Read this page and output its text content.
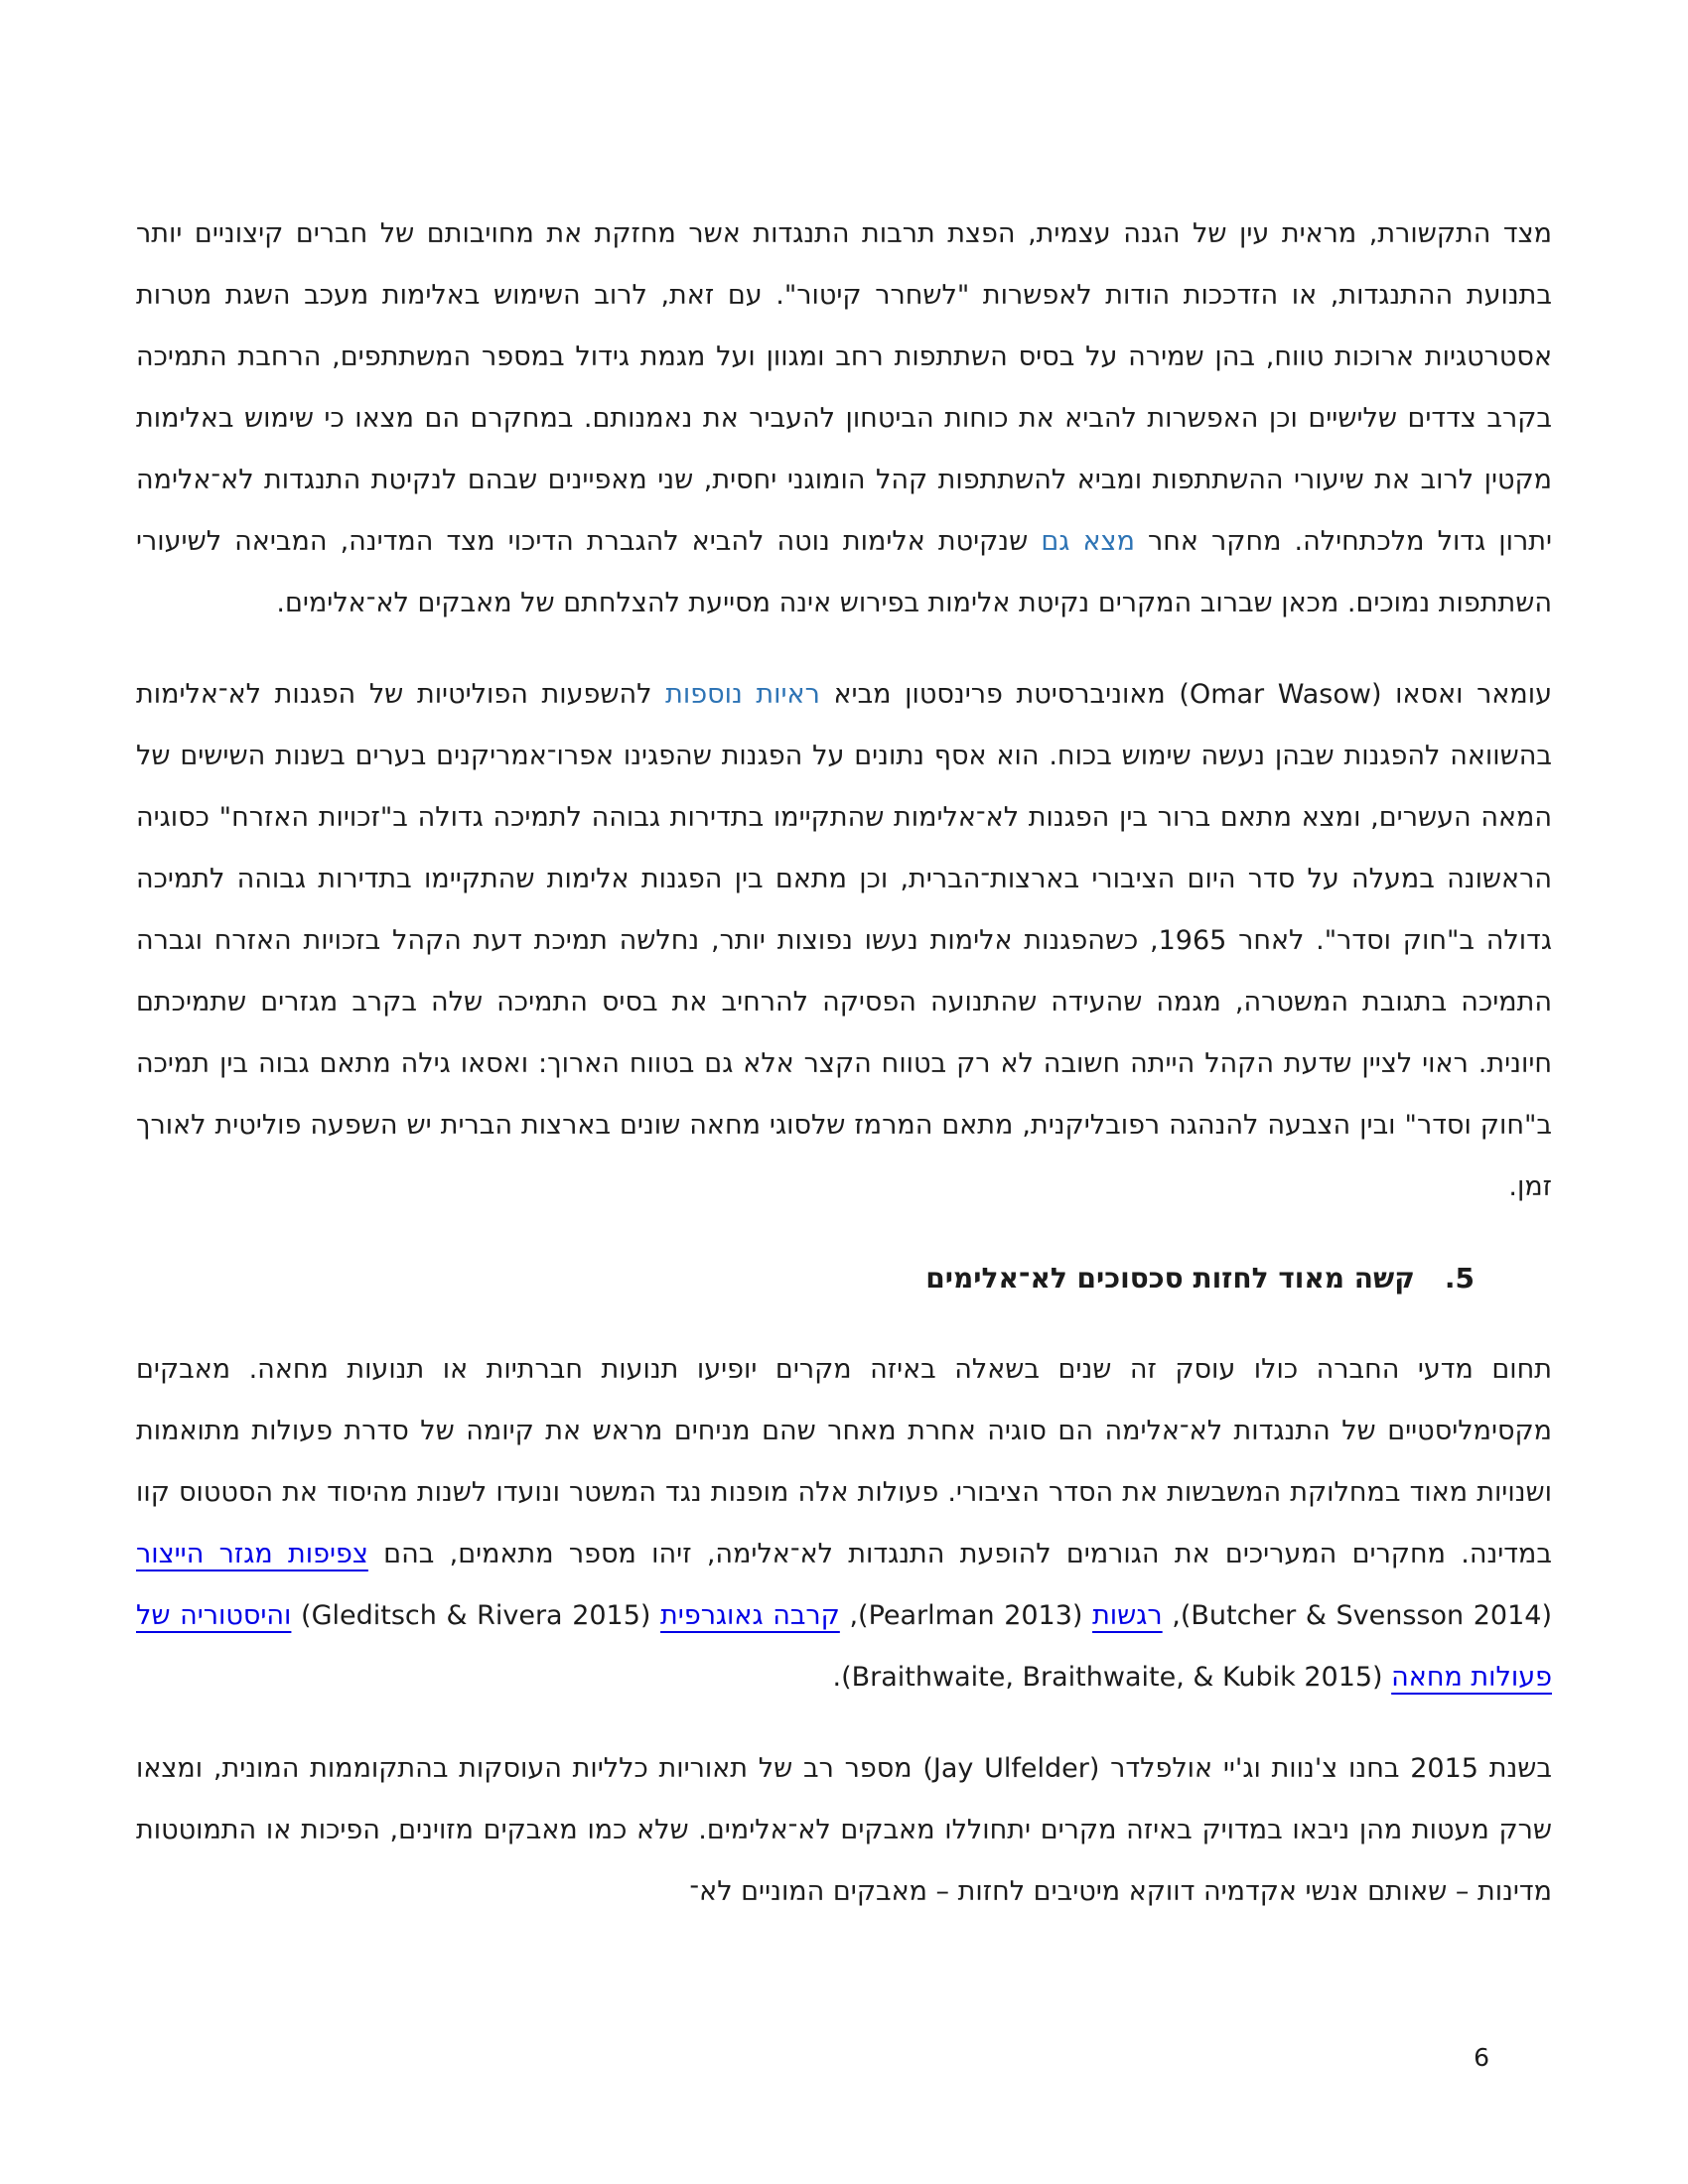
מצד התקשורת, מראית עין של הגנה עצמית, הפצת תרבות התנגדות אשר מחזקת את מחויבותם של חברים קיצוניים יותר בתנועת ההתנגדות, או הזדככות הודות לאפשרות "לשחרר קיטור". עם זאת, לרוב השימוש באלימות מעכב השגת מטרות אסטרטגיות ארוכות טווח, בהן שמירה על בסיס השתתפות רחב ומגוון ועל מגמת גידול במספר המשתתפים, הרחבת התמיכה בקרב צדדים שלישיים וכן האפשרות להביא את כוחות הביטחון להעביר את נאמנותם. במחקרם הם מצאו כי שימוש באלימות מקטין לרוב את שיעורי ההשתתפות ומביא להשתתפות קהל הומוגני יחסית, שני מאפיינים שבהם לנקיטת התנגדות לא־אלימה יתרון גדול מלכתחילה. מחקר אחר מצא גם שנקיטת אלימות נוטה להביא להגברת הדיכוי מצד המדינה, המביאה לשיעורי השתתפות נמוכים. מכאן שברוב המקרים נקיטת אלימות בפירוש אינה מסייעת להצלחתם של מאבקים לא־אלימים.

עומאר ואסאו (Omar Wasow) מאוניברסיטת פרינסטון מביא ראיות נוספות להשפעות הפוליטיות של הפגנות לא־אלימות בהשוואה להפגנות שבהן נעשה שימוש בכוח. הוא אסף נתונים על הפגנות שהפגינו אפרו־אמריקנים בערים בשנות השישים של המאה העשרים, ומצא מתאם ברור בין הפגנות לא־אלימות שהתקיימו בתדירות גבוהה לתמיכה גדולה ב"זכויות האזרח" כסוגיה הראשונה במעלה על סדר היום הציבורי בארצות־הברית, וכן מתאם בין הפגנות אלימות שהתקיימו בתדירות גבוהה לתמיכה גדולה ב"חוק וסדר". לאחר 1965, כשהפגנות אלימות נעשו נפוצות יותר, נחלשה תמיכת דעת הקהל בזכויות האזרח וגברה התמיכה בתגובת המשטרה, מגמה שהעידה שהתנועה הפסיקה להרחיב את בסיס התמיכה שלה בקרב מגזרים שתמיכתם חיונית. ראוי לציין שדעת הקהל הייתה חשובה לא רק בטווח הקצר אלא גם בטווח הארוך: ואסאו גילה מתאם גבוה בין תמיכה ב"חוק וסדר" ובין הצבעה להנהגה רפובליקנית, מתאם המרמז שלסוגי מחאה שונים בארצות הברית יש השפעה פוליטית לאורך זמן.

5.קשה מאוד לחזות סכסוכים לא־אלימים

תחום מדעי החברה כולו עוסק זה שנים בשאלה באיזה מקרים יופיעו תנועות חברתיות או תנועות מחאה. מאבקים מקסימליסטיים של התנגדות לא־אלימה הם סוגיה אחרת מאחר שהם מניחים מראש את קיומה של סדרת פעולות מתואמות ושנויות מאוד במחלוקת המשבשות את הסדר הציבורי. פעולות אלה מופנות נגד המשטר ונועדו לשנות מהיסוד את הסטטוס קוו במדינה. מחקרים המעריכים את הגורמים להופעת התנגדות לא־אלימה, זיהו מספר מתאמים, בהם צפיפות מגזר הייצור (Butcher & Svensson 2014), רגשות (Pearlman 2013), קרבה גאוגרפית (Gleditsch & Rivera 2015) והיסטוריה של פעולות מחאה (Braithwaite, Braithwaite, & Kubik 2015).

בשנת 2015 בחנו צ'נוות וג'יי אולפלדר (Jay Ulfelder) מספר רב של תאוריות כלליות העוסקות בהתקוממות המונית, ומצאו שרק מעטות מהן ניבאו במדויק באיזה מקרים יתחוללו מאבקים לא־אלימים. שלא כמו מאבקים מזוינים, הפיכות או התמוטטות מדינות – שאותם אנשי אקדמיה דווקא מיטיבים לחזות – מאבקים המוניים לא־

6
